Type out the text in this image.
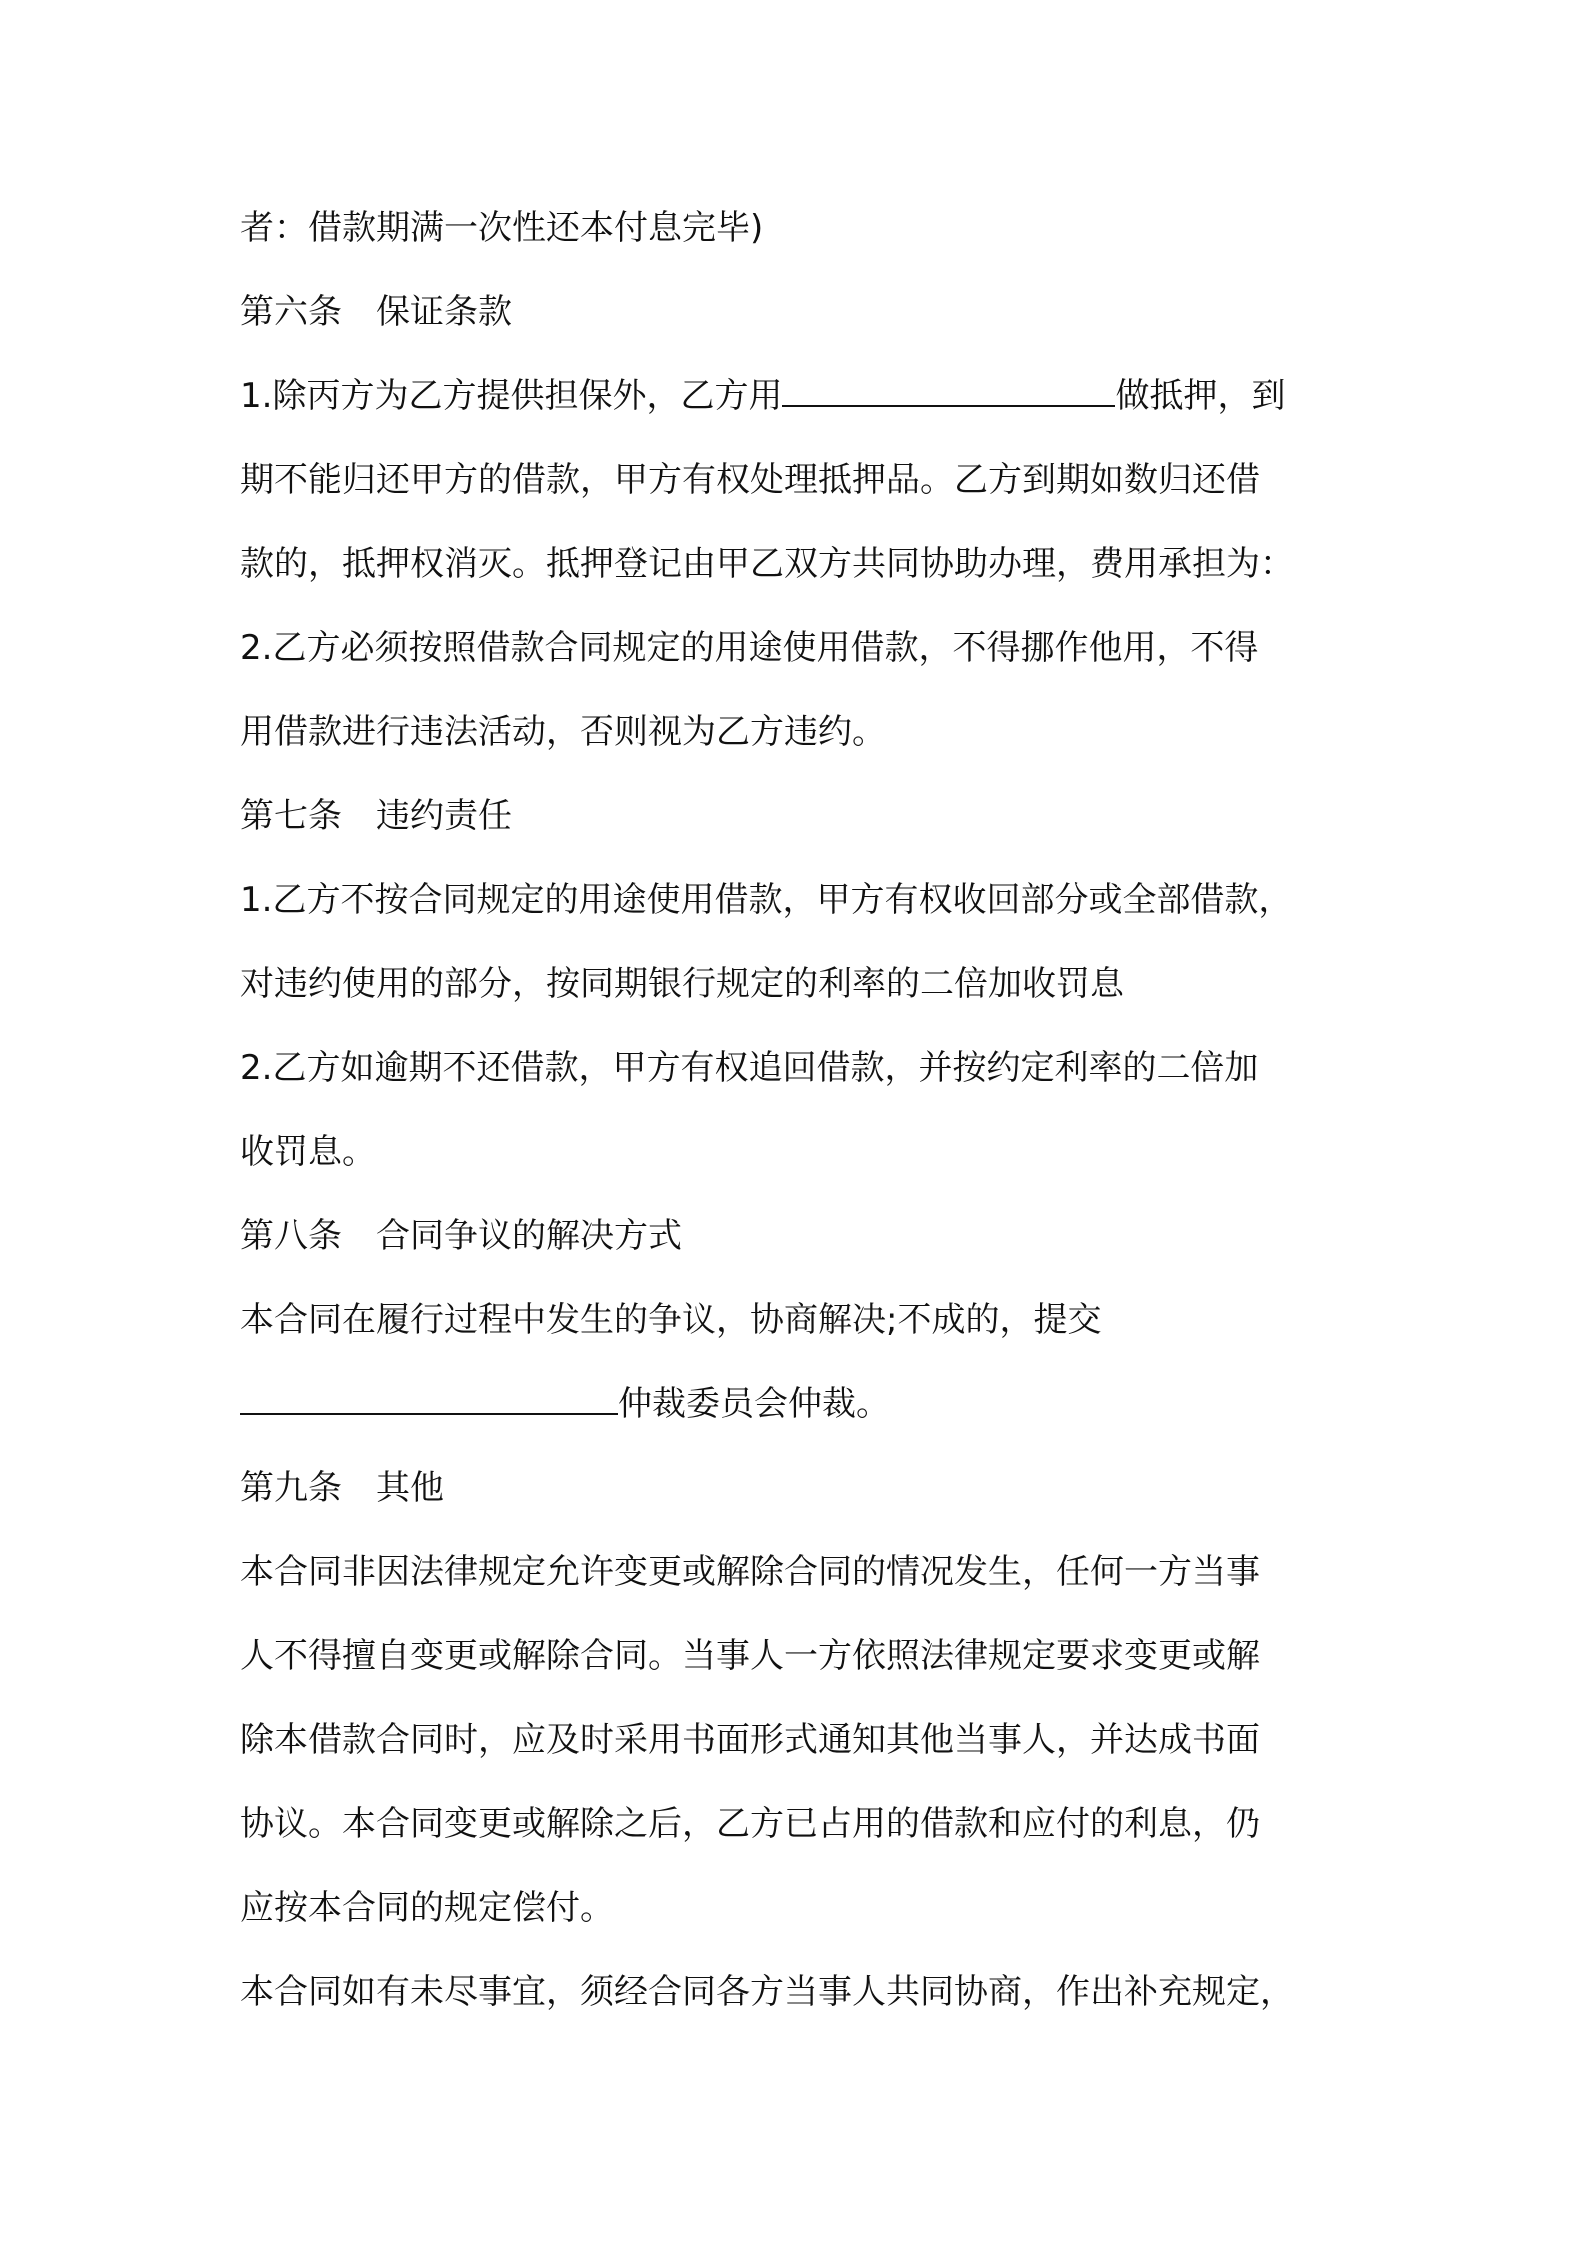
者：借款期满一次性还本付息完毕)

第六条　保证条款

1.除丙方为乙方提供担保外，乙方用	做抵押，到

期不能归还甲方的借款，甲方有权处理抵押品。乙方到期如数归还借

款的，抵押权消灭。抵押登记由甲乙双方共同协助办理，费用承担为：

2.乙方必须按照借款合同规定的用途使用借款，不得挪作他用，不得

用借款进行违法活动，否则视为乙方违约。

第七条　违约责任

1.乙方不按合同规定的用途使用借款，甲方有权收回部分或全部借款，

对违约使用的部分，按同期银行规定的利率的二倍加收罚息

2.乙方如逾期不还借款，甲方有权追回借款，并按约定利率的二倍加

收罚息。

第八条　合同争议的解决方式

本合同在履行过程中发生的争议，协商解决;不成的，提交

仲裁委员会仲裁。

第九条　其他

本合同非因法律规定允许变更或解除合同的情况发生，任何一方当事

人不得擅自变更或解除合同。当事人一方依照法律规定要求变更或解

除本借款合同时，应及时采用书面形式通知其他当事人，并达成书面

协议。本合同变更或解除之后，乙方已占用的借款和应付的利息，仍

应按本合同的规定偿付。

本合同如有未尽事宜，须经合同各方当事人共同协商，作出补充规定，
